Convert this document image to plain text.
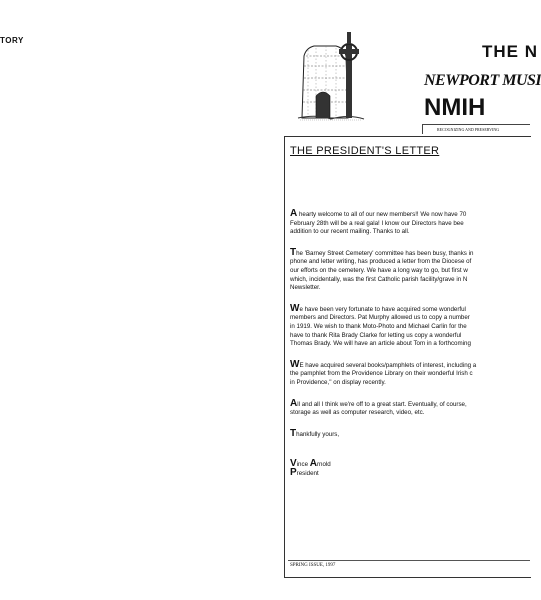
TORY
THE N
NEWPORT MUSI
NMIH
RECOGNIZING AND PRESERVING
THE PRESIDENT'S LETTER
A hearty welcome to all of our new members!! We now have 70
February 28th will be a real gala! I know our Directors have bee
addition to our recent mailing. Thanks to all.
The 'Barney Street Cemetery' committee has been busy, thanks in
phone and letter writing, has produced a letter from the Diocese of
our efforts on the cemetery. We have a long way to go, but first w
which, incidentally, was the first Catholic parish facility/grave in N
Newsletter.
We have been very fortunate to have acquired some wonderful
members and Directors. Pat Murphy allowed us to copy a number
in 1919. We wish to thank Moto-Photo and Michael Carlin for the
have to thank Rita Brady Clarke for letting us copy a wonderful
Thomas Brady. We will have an article about Tom in a forthcoming
WE have acquired several books/pamphlets of interest, including a
the pamphlet from the Providence Library on their wonderful Irish c
in Providence,'' on display recently.
All and all I think we're off to a great start. Eventually, of course,
storage as well as computer research, video, etc.
Thankfully yours,
Vince Arnold
President
SPRING ISSUE, 1997
